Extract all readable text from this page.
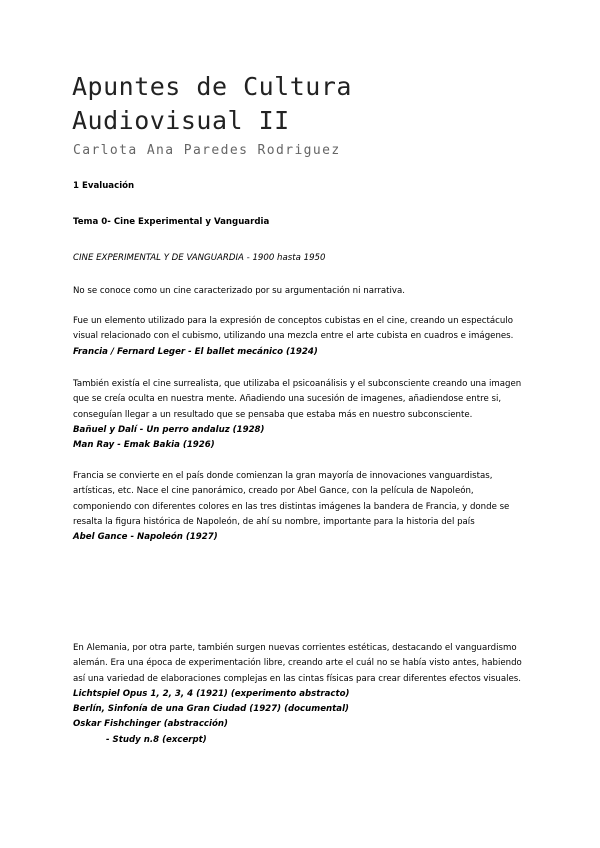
Apuntes de Cultura
Audiovisual II

Carlota Ana Paredes Rodriguez

1 Evaluación

Tema 0- Cine Experimental y Vanguardia

CINE EXPERIMENTAL Y DE VANGUARDIA - 1900 hasta 1950

No se conoce como un cine caracterizado por su argumentación ni narrativa.

Fue un elemento utilizado para la expresión de conceptos cubistas en el cine, creando un espectáculo visual relacionado con el cubismo, utilizando una mezcla entre el arte cubista en cuadros e imágenes. Francia / Fernard Leger - El ballet mecánico (1924)
También existía el cine surrealista, que utilizaba el psicoanálisis y el subconsciente creando una imagen que se creía oculta en nuestra mente. Añadiendo una sucesión de imagenes, añadiendose entre si, conseguían llegar a un resultado que se pensaba que estaba más en nuestro subconsciente.
Bañuel y Dalí - Un perro andaluz (1928)
Man Ray - Emak Bakia (1926)
Francia se convierte en el país donde comienzan la gran mayoría de innovaciones vanguardistas, artísticas, etc. Nace el cine panorámico, creado por Abel Gance, con la película de Napoleón, componiendo con diferentes colores en las tres distintas imágenes la bandera de Francia, y donde se resalta la figura histórica de Napoleón, de ahí su nombre, importante para la historia del país
Abel Gance - Napoleón (1927)
En Alemania, por otra parte, también surgen nuevas corrientes estéticas, destacando el vanguardismo alemán. Era una época de experimentación libre, creando arte el cuál no se había visto antes, habiendo así una variedad de elaboraciones complejas en las cintas físicas para crear diferentes efectos visuales.
Lichtspiel Opus 1, 2, 3, 4 (1921) (experimento abstracto)
Berlín, Sinfonía de una Gran Ciudad (1927) (documental)
Oskar Fishchinger (abstracción)
- Study n.8 (excerpt)
